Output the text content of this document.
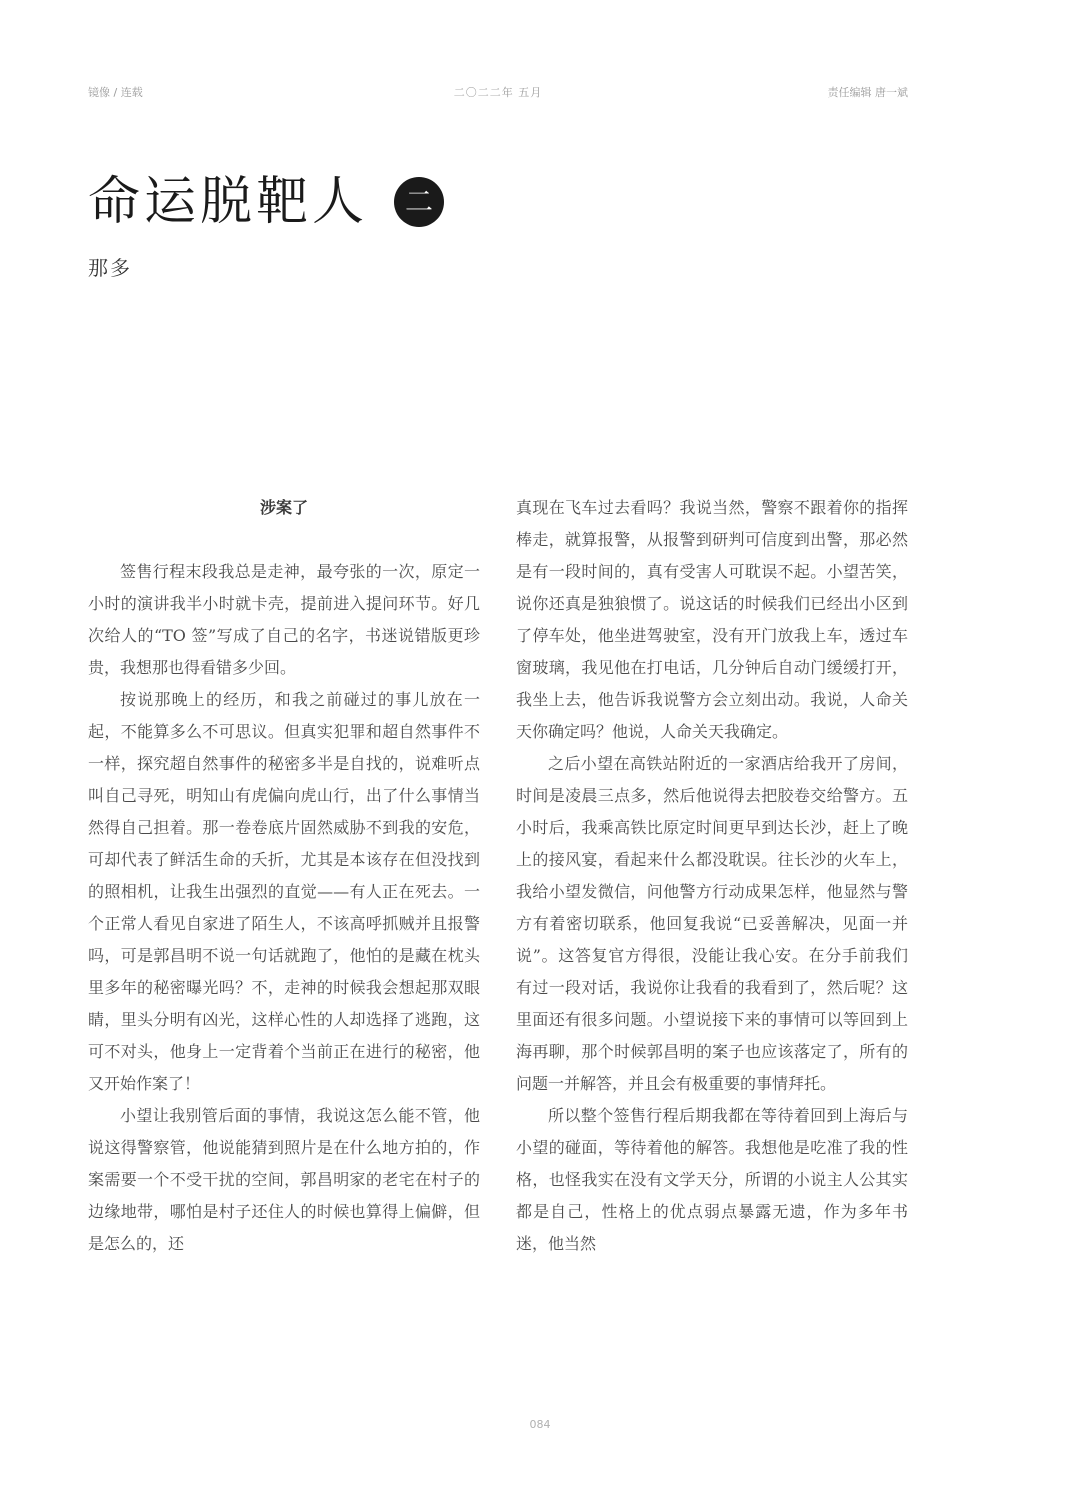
镜像 / 连载	二〇二二年 五月	责任编辑 唐一斌
命运脱靶人	二
那多
涉案了

签售行程末段我总是走神，最夸张的一次，原定一小时的演讲我半小时就卡壳，提前进入提问环节。好几次给人的“TO 签”写成了自己的名字，书迷说错版更珍贵，我想那也得看错多少回。

按说那晚上的经历，和我之前碰过的事儿放在一起，不能算多么不可思议。但真实犯罪和超自然事件不一样，探究超自然事件的秘密多半是自找的，说难听点叫自己寻死，明知山有虎偏向虎山行，出了什么事情当然得自己担着。那一卷卷底片固然威胁不到我的安危，可却代表了鲜活生命的夭折，尤其是本该存在但没找到的照相机，让我生出强烈的直觉——有人正在死去。一个正常人看见自家进了陌生人，不该高呼抓贼并且报警吗，可是郭昌明不说一句话就跑了，他怕的是藏在枕头里多年的秘密曝光吗？不，走神的时候我会想起那双眼睛，里头分明有凶光，这样心性的人却选择了逃跑，这可不对头，他身上一定背着个当前正在进行的秘密，他又开始作案了！

小望让我别管后面的事情，我说这怎么能不管，他说这得警察管，他说能猜到照片是在什么地方拍的，作案需要一个不受干扰的空间，郭昌明家的老宅在村子的边缘地带，哪怕是村子还住人的时候也算得上偏僻，但是怎么的，还

真现在飞车过去看吗？我说当然，警察不跟着你的指挥棒走，就算报警，从报警到研判可信度到出警，那必然是有一段时间的，真有受害人可耽误不起。小望苦笑，说你还真是独狼惯了。说这话的时候我们已经出小区到了停车处，他坐进驾驶室，没有开门放我上车，透过车窗玻璃，我见他在打电话，几分钟后自动门缓缓打开，我坐上去，他告诉我说警方会立刻出动。我说，人命关天你确定吗？他说，人命关天我确定。

之后小望在高铁站附近的一家酒店给我开了房间，时间是凌晨三点多，然后他说得去把胶卷交给警方。五小时后，我乘高铁比原定时间更早到达长沙，赶上了晚上的接风宴，看起来什么都没耽误。往长沙的火车上，我给小望发微信，问他警方行动成果怎样，他显然与警方有着密切联系，他回复我说“已妥善解决，见面一并说”。这答复官方得很，没能让我心安。在分手前我们有过一段对话，我说你让我看的我看到了，然后呢？这里面还有很多问题。小望说接下来的事情可以等回到上海再聊，那个时候郭昌明的案子也应该落定了，所有的问题一并解答，并且会有极重要的事情拜托。

所以整个签售行程后期我都在等待着回到上海后与小望的碰面，等待着他的解答。我想他是吃准了我的性格，也怪我实在没有文学天分，所谓的小说主人公其实都是自己，性格上的优点弱点暴露无遗，作为多年书迷，他当然

084
